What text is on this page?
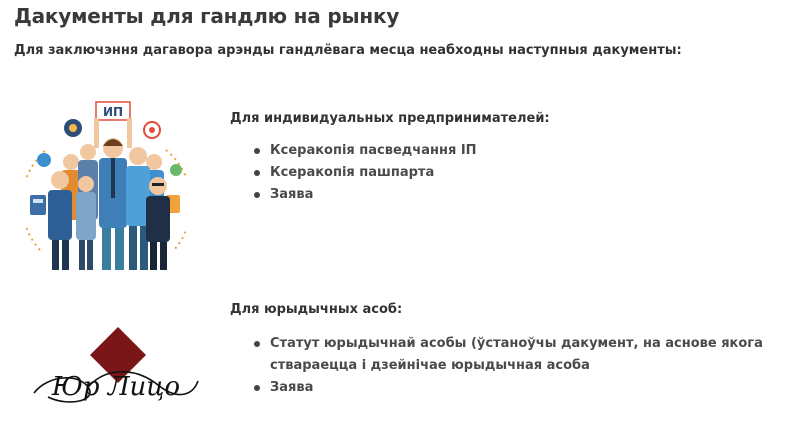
Дакументы для гандлю на рынку

Для заключэння дагавора арэнды гандлёвага месца неабходны наступныя дакументы:

ИП	Для индивидуальных предпринимателей:
Ксеракопія пасведчання ІП
Ксеракопія пашпарта
Заява
Юр Лицо
Для юрыдычных асоб:
Статут юрыдычнай асобы (ўстаноўчы дакумент, на аснове якога ствараецца і дзейнічае юрыдычная асоба
Заява
